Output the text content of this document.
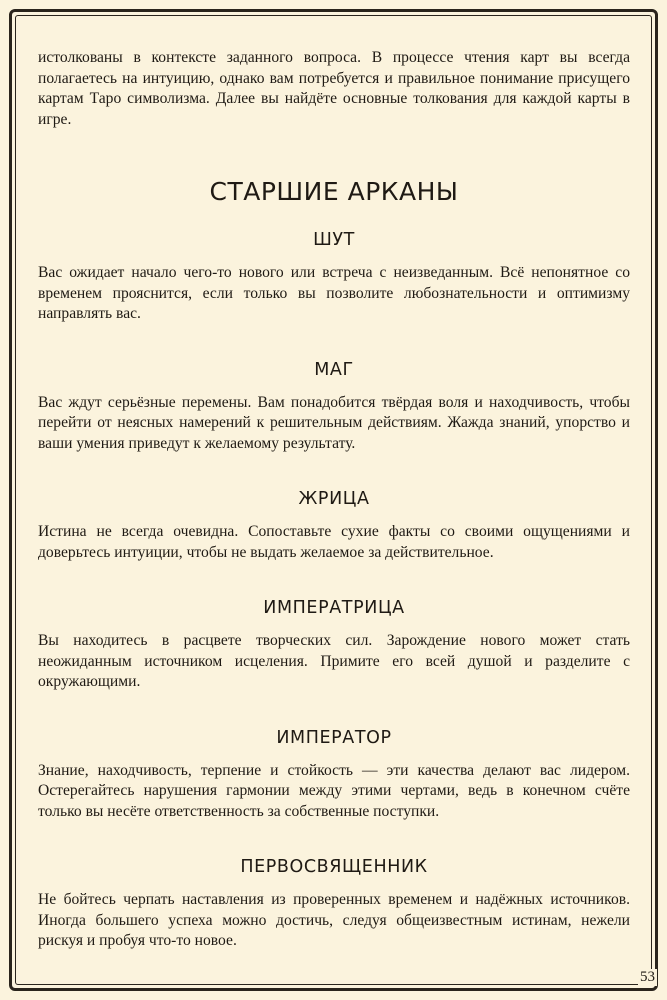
истолкованы в контексте заданного вопроса. В процессе чтения карт вы всегда полагаетесь на интуицию, однако вам потребуется и правильное понимание присущего картам Таро символизма. Далее вы найдёте основные толкования для каждой карты в игре.

СТАРШИЕ АРКАНЫ
ШУТ

Вас ожидает начало чего-то нового или встреча с неизведанным. Всё непонятное со временем прояснится, если только вы позволите любознательности и оптимизму направлять вас.

МАГ

Вас ждут серьёзные перемены. Вам понадобится твёрдая воля и находчивость, чтобы перейти от неясных намерений к решительным действиям. Жажда знаний, упорство и ваши умения приведут к желаемому результату.

ЖРИЦА

Истина не всегда очевидна. Сопоставьте сухие факты со своими ощущениями и доверьтесь интуиции, чтобы не выдать желаемое за действительное.

ИМПЕРАТРИЦА

Вы находитесь в расцвете творческих сил. Зарождение нового может стать неожиданным источником исцеления. Примите его всей душой и разделите с окружающими.

ИМПЕРАТОР

Знание, находчивость, терпение и стойкость — эти качества делают вас лидером. Остерегайтесь нарушения гармонии между этими чертами, ведь в конечном счёте только вы несёте ответственность за собственные поступки.

ПЕРВОСВЯЩЕННИК

Не бойтесь черпать наставления из проверенных временем и надёжных источников. Иногда большего успеха можно достичь, следуя общеизвестным истинам, нежели рискуя и пробуя что-то новое.

53
